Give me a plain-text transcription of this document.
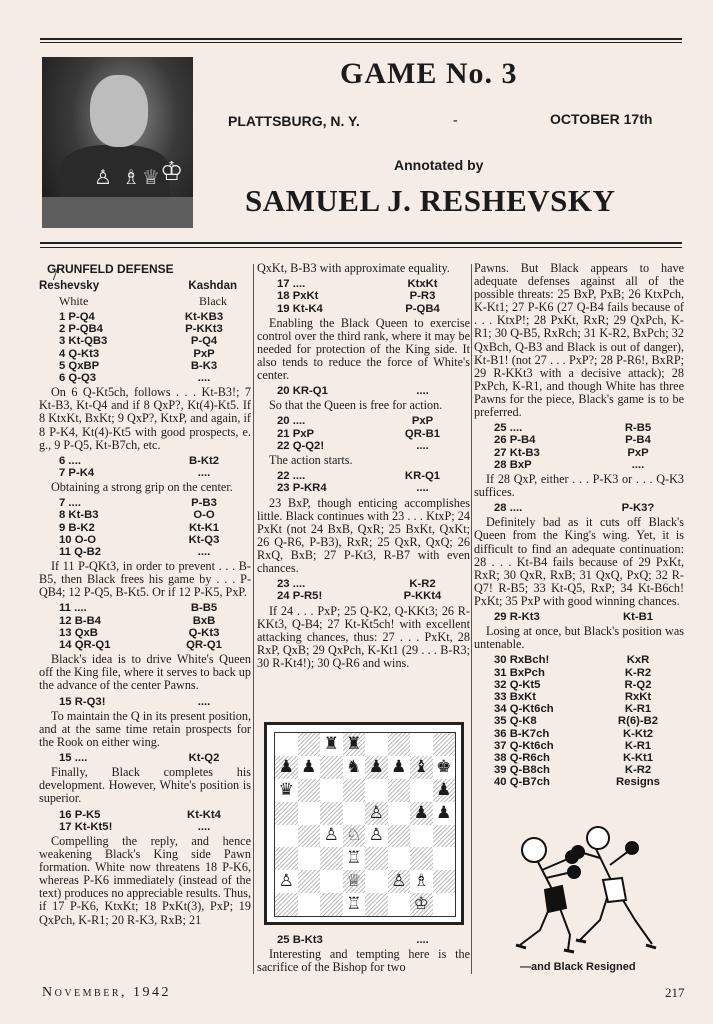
♙ ♗ ♕ ♔
GAME No. 3
PLATTSBURG, N. Y.	-	OCTOBER 17th
Annotated by
SAMUEL J. RESHEVSKY
GRUNFELD DEFENSE
Reshevsky	Kashdan
White	Black
1 P-Q4	Kt-KB3
2 P-QB4	P-KKt3
3 Kt-QB3	P-Q4
4 Q-Kt3	PxP
5 QxBP	B-K3
6 Q-Q3	....

On 6 Q-Kt5ch, follows . . . Kt-B3!; 7 Kt-B3, Kt-Q4 and if 8 QxP?, Kt(4)-Kt5. If 8 KtxKt, BxKt; 9 QxP?, KtxP, and again, if 8 P-K4, Kt(4)-Kt5 with good prospects, e. g., 9 P-Q5, Kt-B7ch, etc.

6 ....	B-Kt2
7 P-K4	....

Obtaining a strong grip on the center.

7 ....	P-B3
8 Kt-B3	O-O
9 B-K2	Kt-K1
10 O-O	Kt-Q3
11 Q-B2	....

If 11 P-QKt3, in order to prevent . . . B-B5, then Black frees his game by . . . P-QB4; 12 P-Q5, B-Kt5. Or if 12 P-K5, PxP.

11 ....	B-B5
12 B-B4	BxB
13 QxB	Q-Kt3
14 QR-Q1	QR-Q1

Black's idea is to drive White's Queen off the King file, where it serves to back up the advance of the center Pawns.

15 R-Q3!	....

To maintain the Q in its present position, and at the same time retain prospects for the Rook on either wing.

15 ....	Kt-Q2

Finally, Black completes his development. However, White's position is superior.

16 P-K5	Kt-Kt4
17 Kt-Kt5!	....

Compelling the reply, and hence weakening Black's King side Pawn formation. White now threatens 18 P-K6, whereas P-K6 immediately (instead of the text) produces no appreciable results. Thus, if 17 P-K6, KtxKt; 18 PxKt(3), PxP; 19 QxPch, K-R1; 20 R-K3, RxB; 21

QxKt, B-B3 with approximate equality.

17 ....	KtxKt
18 PxKt	P-R3
19 Kt-K4	P-QB4

Enabling the Black Queen to exercise control over the third rank, where it may be needed for protection of the King side. It also tends to reduce the force of White's center.

20 KR-Q1	....

So that the Queen is free for action.

20 ....	PxP
21 PxP	QR-B1
22 Q-Q2!	....

The action starts.

22 ....	KR-Q1
23 P-KR4	....

23 BxP, though enticing accomplishes little. Black continues with 23 . . . KtxP; 24 PxKt (not 24 BxB, QxR; 25 BxKt, QxKt; 26 Q-R6, P-B3), RxR; 25 QxR, QxQ; 26 RxQ, BxB; 27 P-Kt3, R-B7 with even chances.

23 ....	K-R2
24 P-R5!	P-KKt4

If 24 . . . PxP; 25 Q-K2, Q-KKt3; 26 R-KKt3, Q-B4; 27 Kt-Kt5ch! with excellent attacking chances, thus: 27 . . . PxKt, 28 RxP, QxB; 29 QxPch, K-Kt1 (29 . . . B-R3; 30 R-Kt4!); 30 Q-R6 and wins.

♜ ♜
♟ ♟ ♞ ♟ ♟ ♝ ♚
♛	♟
♙ ♟ ♟
♙ ♘ ♙
♖
♙	♕ ♙ ♗
♖	♔
25 B-Kt3	....

Interesting and tempting here is the sacrifice of the Bishop for two

Pawns. But Black appears to have adequate defenses against all of the possible threats: 25 BxP, PxB; 26 KtxPch, K-Kt1; 27 P-K6 (27 Q-B4 fails because of . . . KtxP!; 28 PxKt, RxR; 29 QxPch, K-R1; 30 Q-B5, RxRch; 31 K-R2, BxPch; 32 QxBch, Q-B3 and Black is out of danger), Kt-B1! (not 27 . . . PxP?; 28 P-R6!, BxRP; 29 R-KKt3 with a decisive attack); 28 PxPch, K-R1, and though White has three Pawns for the piece, Black's game is to be preferred.

25 ....	R-B5
26 P-B4	P-B4
27 Kt-B3	PxP
28 BxP	....

If 28 QxP, either . . . P-K3 or . . . Q-K3 suffices.

28 ....	P-K3?

Definitely bad as it cuts off Black's Queen from the King's wing. Yet, it is difficult to find an adequate continuation: 28 . . . Kt-B4 fails because of 29 PxKt, RxR; 30 QxR, RxB; 31 QxQ, PxQ; 32 R-Q7! R-B5; 33 Kt-Q5, RxP; 34 Kt-B6ch! PxKt; 35 PxP with good winning chances.

29 R-Kt3	Kt-B1

Losing at once, but Black's position was untenable.

30 RxBch!	KxR
31 BxPch	K-R2
32 Q-Kt5	R-Q2
33 BxKt	RxKt
34 Q-Kt6ch	K-R1
35 Q-K8	R(6)-B2
36 B-K7ch	K-Kt2
37 Q-Kt6ch	K-R1
38 Q-R6ch	K-Kt1
39 Q-B8ch	K-R2
40 Q-B7ch	Resigns
—and Black Resigned
November, 1942	217
